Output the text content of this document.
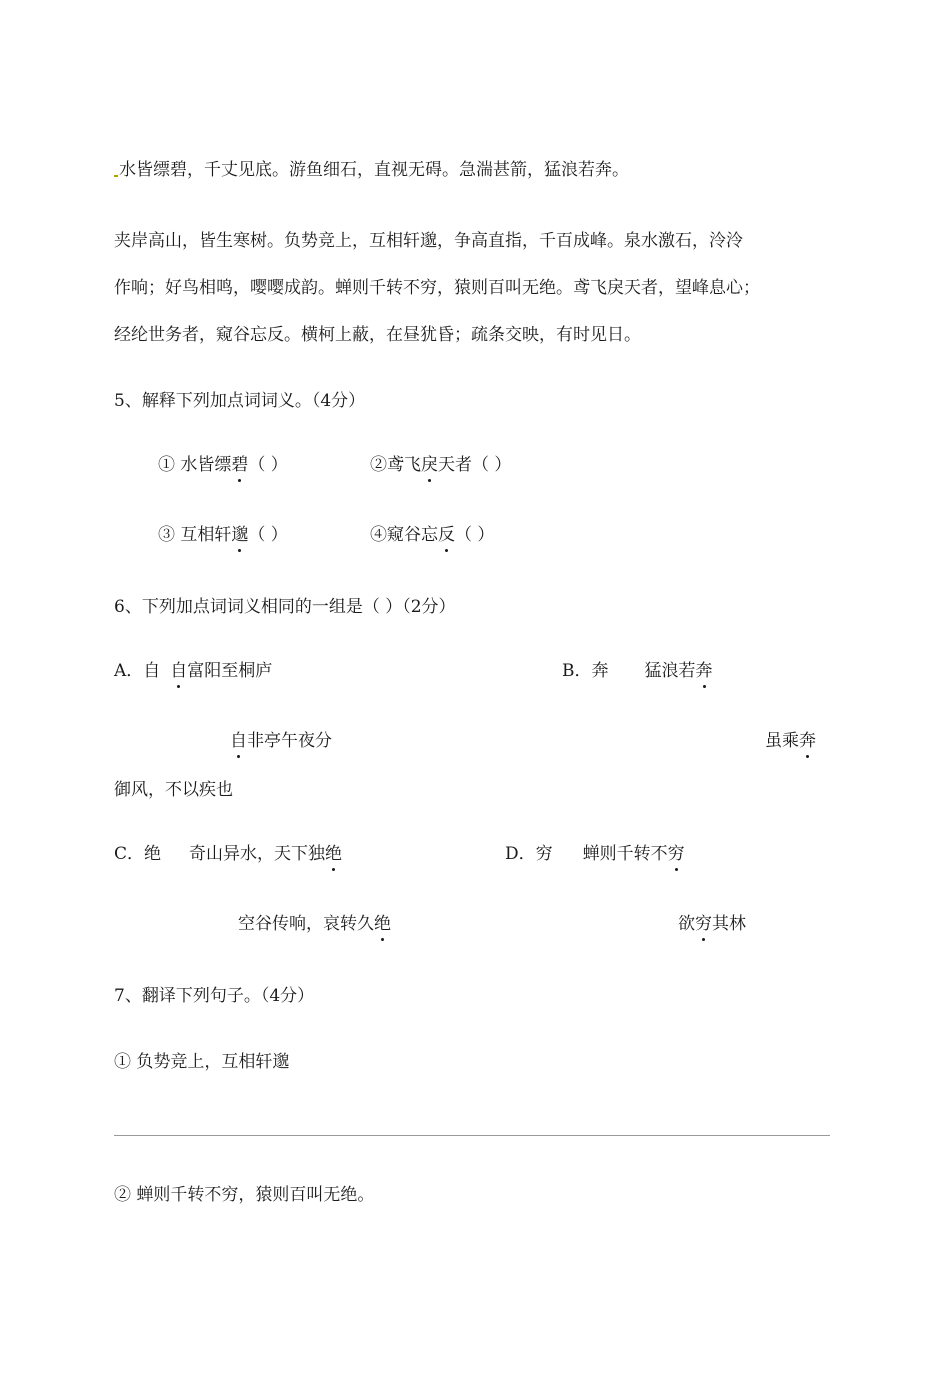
水皆缥碧，千丈见底。游鱼细石，直视无碍。急湍甚箭，猛浪若奔。
夹岸高山，皆生寒树。负势竞上，互相轩邈，争高直指，千百成峰。泉水激石，泠泠
作响；好鸟相鸣，嘤嘤成韵。蝉则千转不穷，猿则百叫无绝。鸢飞戾天者，望峰息心；
经纶世务者，窥谷忘反。横柯上蔽，在昼犹昏；疏条交映，有时见日。
5、解释下列加点词词义。（4分）
① 水皆缥碧（ ）	②鸢飞戾天者（ ）
③ 互相轩邈（ ）	④窥谷忘反（ ）
6、下列加点词词义相同的一组是（ ）（2分）
A．自 自富阳至桐庐	B．奔 猛浪若奔
自非亭午夜分	虽乘奔
御风，不以疾也
C．绝 奇山异水，天下独绝	D．穷 蝉则千转不穷
空谷传响，哀转久绝	欲穷其林
7、翻译下列句子。（4分）
① 负势竞上，互相轩邈
② 蝉则千转不穷，猿则百叫无绝。
